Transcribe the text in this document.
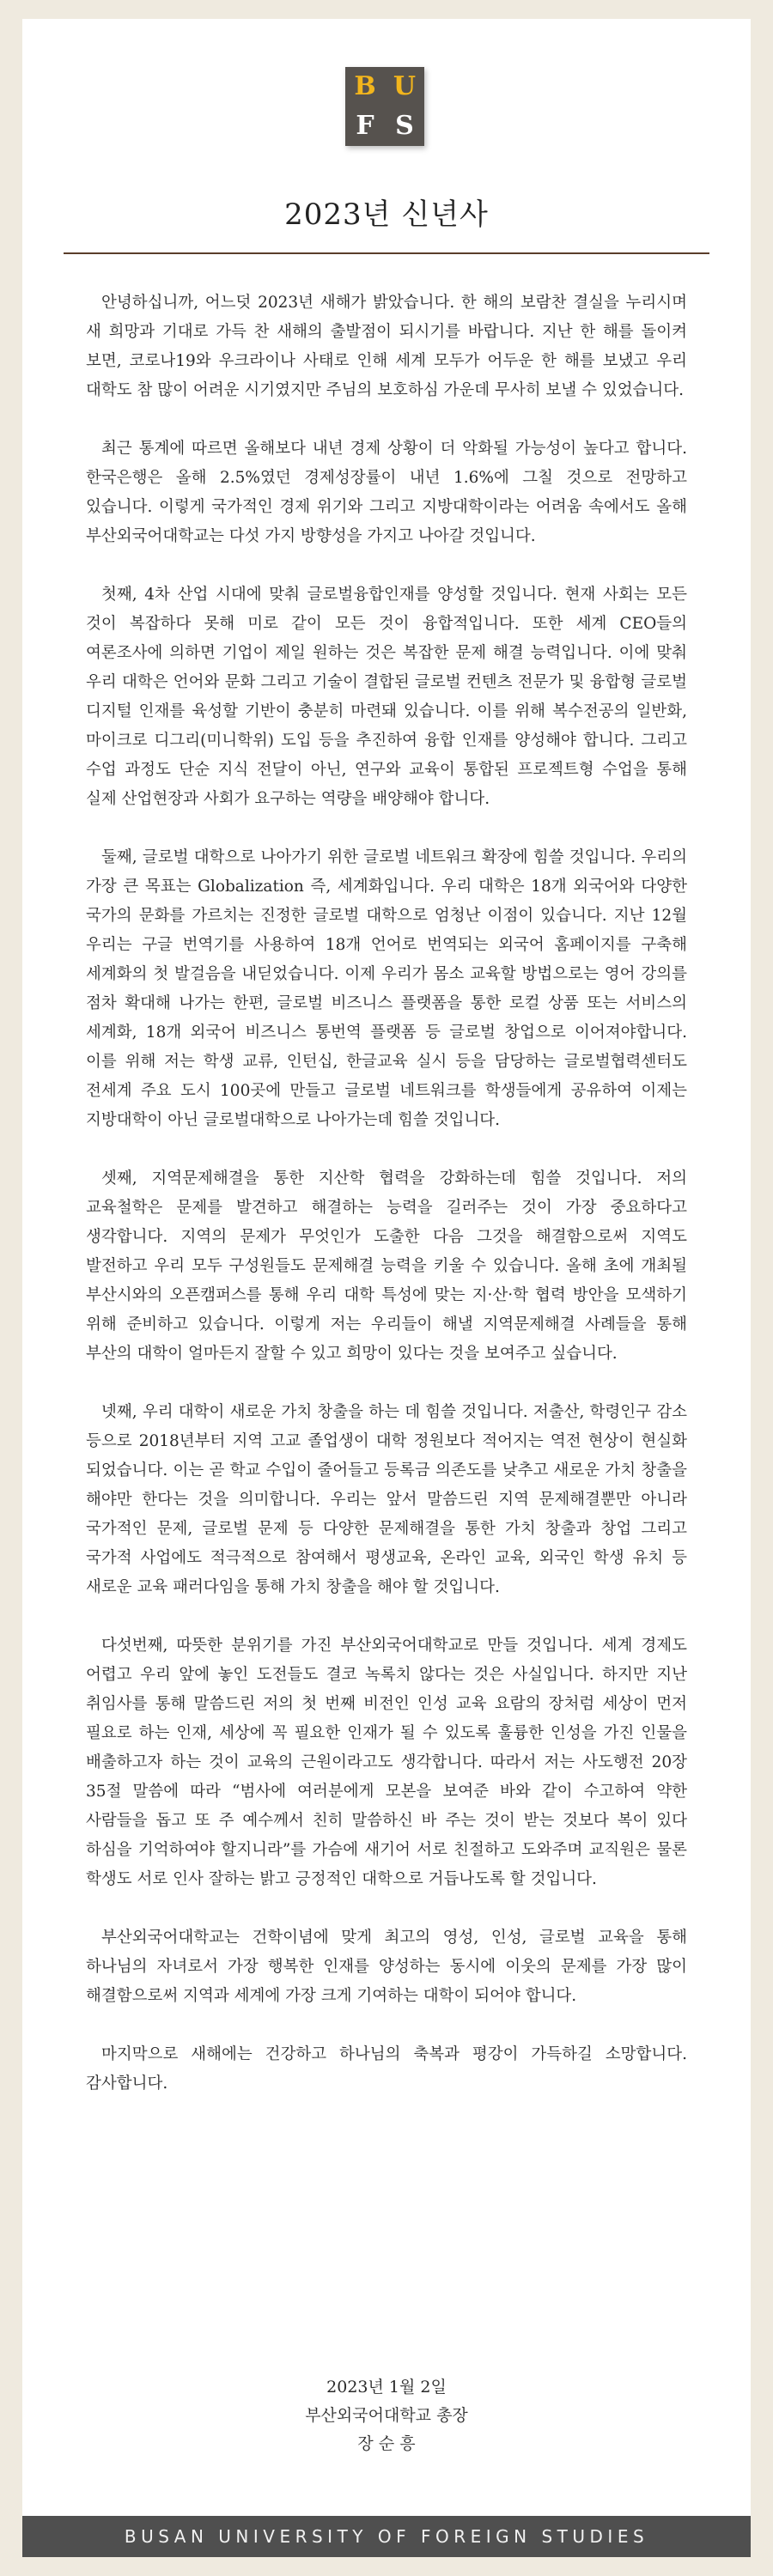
B U
F S
2023년 신년사

안녕하십니까, 어느덧 2023년 새해가 밝았습니다. 한 해의 보람찬 결실을 누리시며 새 희망과 기대로 가득 찬 새해의 출발점이 되시기를 바랍니다. 지난 한 해를 돌이켜 보면, 코로나19와 우크라이나 사태로 인해 세계 모두가 어두운 한 해를 보냈고 우리 대학도 참 많이 어려운 시기였지만 주님의 보호하심 가운데 무사히 보낼 수 있었습니다.

최근 통계에 따르면 올해보다 내년 경제 상황이 더 악화될 가능성이 높다고 합니다. 한국은행은 올해 2.5%였던 경제성장률이 내년 1.6%에 그칠 것으로 전망하고 있습니다. 이렇게 국가적인 경제 위기와 그리고 지방대학이라는 어려움 속에서도 올해 부산외국어대학교는 다섯 가지 방향성을 가지고 나아갈 것입니다.

첫째, 4차 산업 시대에 맞춰 글로벌융합인재를 양성할 것입니다. 현재 사회는 모든 것이 복잡하다 못해 미로 같이 모든 것이 융합적입니다. 또한 세계 CEO들의 여론조사에 의하면 기업이 제일 원하는 것은 복잡한 문제 해결 능력입니다. 이에 맞춰 우리 대학은 언어와 문화 그리고 기술이 결합된 글로벌 컨텐츠 전문가 및 융합형 글로벌 디지털 인재를 육성할 기반이 충분히 마련돼 있습니다. 이를 위해 복수전공의 일반화, 마이크로 디그리(미니학위) 도입 등을 추진하여 융합 인재를 양성해야 합니다. 그리고 수업 과정도 단순 지식 전달이 아닌, 연구와 교육이 통합된 프로젝트형 수업을 통해 실제 산업현장과 사회가 요구하는 역량을 배양해야 합니다.

둘째, 글로벌 대학으로 나아가기 위한 글로벌 네트워크 확장에 힘쓸 것입니다. 우리의 가장 큰 목표는 Globalization 즉, 세계화입니다. 우리 대학은 18개 외국어와 다양한 국가의 문화를 가르치는 진정한 글로벌 대학으로 엄청난 이점이 있습니다. 지난 12월 우리는 구글 번역기를 사용하여 18개 언어로 번역되는 외국어 홈페이지를 구축해 세계화의 첫 발걸음을 내딛었습니다. 이제 우리가 몸소 교육할 방법으로는 영어 강의를 점차 확대해 나가는 한편, 글로벌 비즈니스 플랫폼을 통한 로컬 상품 또는 서비스의 세계화, 18개 외국어 비즈니스 통번역 플랫폼 등 글로벌 창업으로 이어져야합니다. 이를 위해 저는 학생 교류, 인턴십, 한글교육 실시 등을 담당하는 글로벌협력센터도 전세계 주요 도시 100곳에 만들고 글로벌 네트워크를 학생들에게 공유하여 이제는 지방대학이 아닌 글로벌대학으로 나아가는데 힘쓸 것입니다.

셋째, 지역문제해결을 통한 지산학 협력을 강화하는데 힘쓸 것입니다. 저의 교육철학은 문제를 발견하고 해결하는 능력을 길러주는 것이 가장 중요하다고 생각합니다. 지역의 문제가 무엇인가 도출한 다음 그것을 해결함으로써 지역도 발전하고 우리 모두 구성원들도 문제해결 능력을 키울 수 있습니다. 올해 초에 개최될 부산시와의 오픈캠퍼스를 통해 우리 대학 특성에 맞는 지·산·학 협력 방안을 모색하기 위해 준비하고 있습니다. 이렇게 저는 우리들이 해낼 지역문제해결 사례들을 통해 부산의 대학이 얼마든지 잘할 수 있고 희망이 있다는 것을 보여주고 싶습니다.

넷째, 우리 대학이 새로운 가치 창출을 하는 데 힘쓸 것입니다. 저출산, 학령인구 감소 등으로 2018년부터 지역 고교 졸업생이 대학 정원보다 적어지는 역전 현상이 현실화 되었습니다. 이는 곧 학교 수입이 줄어들고 등록금 의존도를 낮추고 새로운 가치 창출을 해야만 한다는 것을 의미합니다. 우리는 앞서 말씀드린 지역 문제해결뿐만 아니라 국가적인 문제, 글로벌 문제 등 다양한 문제해결을 통한 가치 창출과 창업 그리고 국가적 사업에도 적극적으로 참여해서 평생교육, 온라인 교육, 외국인 학생 유치 등 새로운 교육 패러다임을 통해 가치 창출을 해야 할 것입니다.

다섯번째, 따뜻한 분위기를 가진 부산외국어대학교로 만들 것입니다. 세계 경제도 어렵고 우리 앞에 놓인 도전들도 결코 녹록치 않다는 것은 사실입니다. 하지만 지난 취임사를 통해 말씀드린 저의 첫 번째 비전인 인성 교육 요람의 장처럼 세상이 먼저 필요로 하는 인재, 세상에 꼭 필요한 인재가 될 수 있도록 훌륭한 인성을 가진 인물을 배출하고자 하는 것이 교육의 근원이라고도 생각합니다. 따라서 저는 사도행전 20장 35절 말씀에 따라 “범사에 여러분에게 모본을 보여준 바와 같이 수고하여 약한 사람들을 돕고 또 주 예수께서 친히 말씀하신 바 주는 것이 받는 것보다 복이 있다 하심을 기억하여야 할지니라”를 가슴에 새기어 서로 친절하고 도와주며 교직원은 물론 학생도 서로 인사 잘하는 밝고 긍정적인 대학으로 거듭나도록 할 것입니다.

부산외국어대학교는 건학이념에 맞게 최고의 영성, 인성, 글로벌 교육을 통해 하나님의 자녀로서 가장 행복한 인재를 양성하는 동시에 이웃의 문제를 가장 많이 해결함으로써 지역과 세계에 가장 크게 기여하는 대학이 되어야 합니다.

마지막으로 새해에는 건강하고 하나님의 축복과 평강이 가득하길 소망합니다. 감사합니다.

2023년 1월 2일
부산외국어대학교 총장
장 순 흥
BUSAN UNIVERSITY OF FOREIGN STUDIES
